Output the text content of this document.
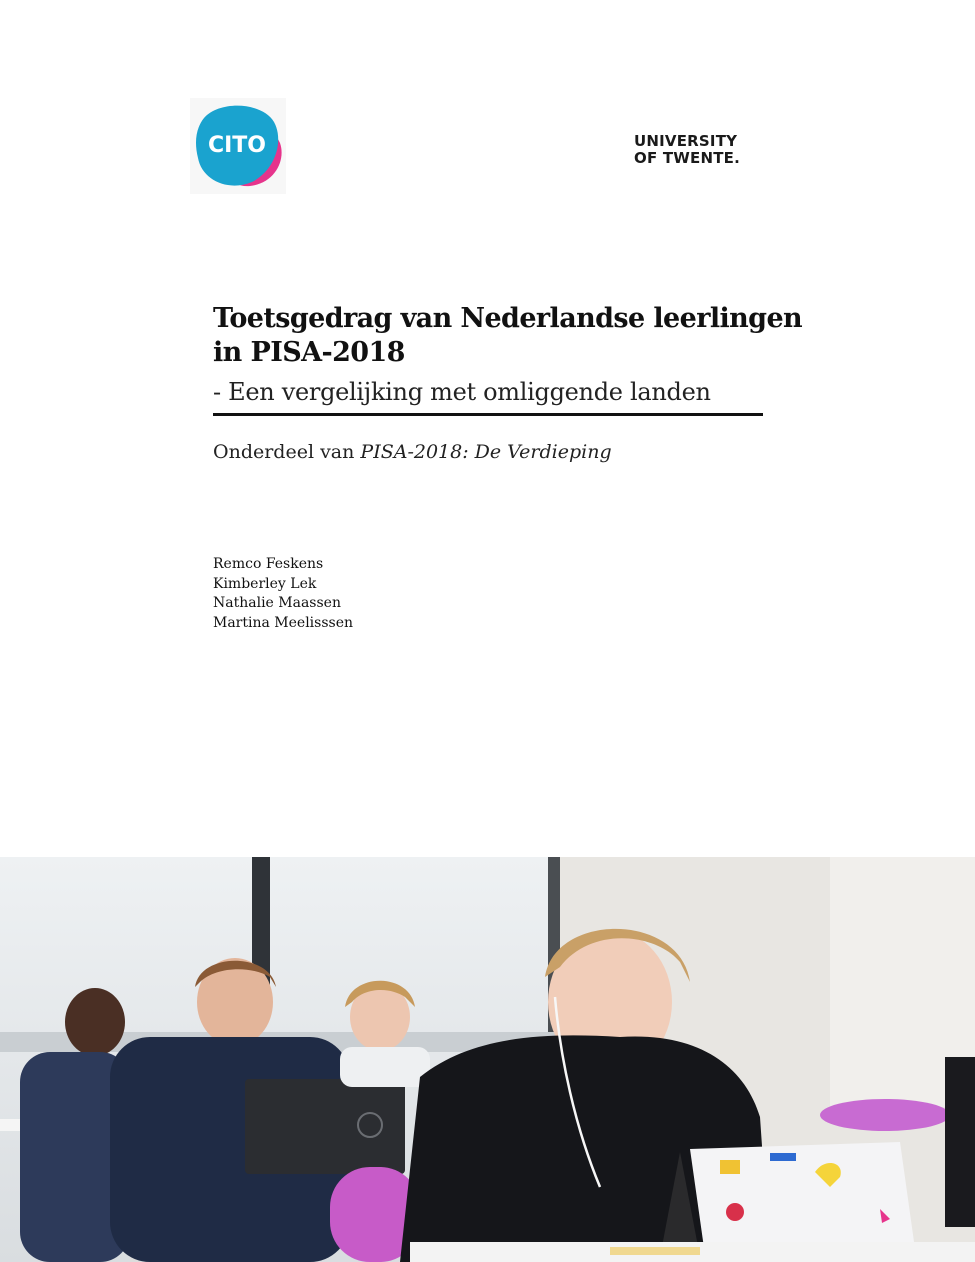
CITO	UNIVERSITY
OF TWENTE.
Toetsgedrag van Nederlandse leerlingen
in PISA-2018
- Een vergelijking met omliggende landen
Onderdeel van PISA-2018: De Verdieping
Remco Feskens
Kimberley Lek
Nathalie Maassen
Martina Meelisssen
